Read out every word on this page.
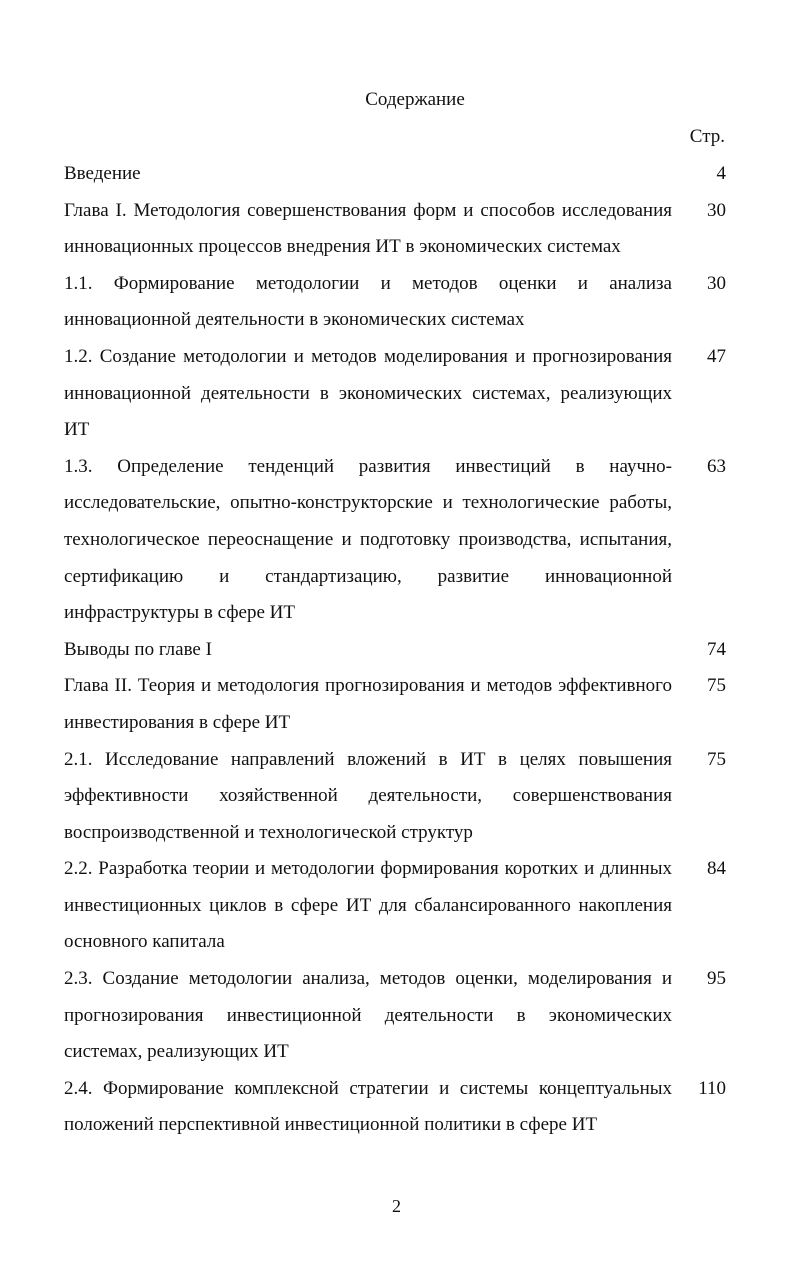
Содержание
Стр.
Введение	4
Глава I. Методология совершенствования форм и способов исследования инновационных процессов внедрения ИТ в экономических системах
30
1.1. Формирование методологии и методов оценки и анализа инновационной деятельности в экономических системах
30
1.2. Создание методологии и методов моделирования и прогнозирования инновационной деятельности в экономических системах, реализующих ИТ
47
1.3. Определение тенденций развития инвестиций в научно-исследовательские, опытно-конструкторские и технологические работы, технологическое переоснащение и подготовку производства, испытания, сертификацию и стандартизацию, развитие инновационной инфраструктуры в сфере ИТ
63
Выводы по главе I	74
Глава II. Теория и методология прогнозирования и методов эффективного инвестирования в сфере ИТ
75
2.1. Исследование направлений вложений в ИТ в целях повышения эффективности хозяйственной деятельности, совершенствования воспроизводственной и технологической структур
75
2.2. Разработка теории и методологии формирования коротких и длинных инвестиционных циклов в сфере ИТ для сбалансированного накопления основного капитала
84
2.3. Создание методологии анализа, методов оценки, моделирования и прогнозирования инвестиционной деятельности в экономических системах, реализующих ИТ
95
2.4. Формирование комплексной стратегии и системы концептуальных положений перспективной инвестиционной политики в сфере ИТ
110
2
